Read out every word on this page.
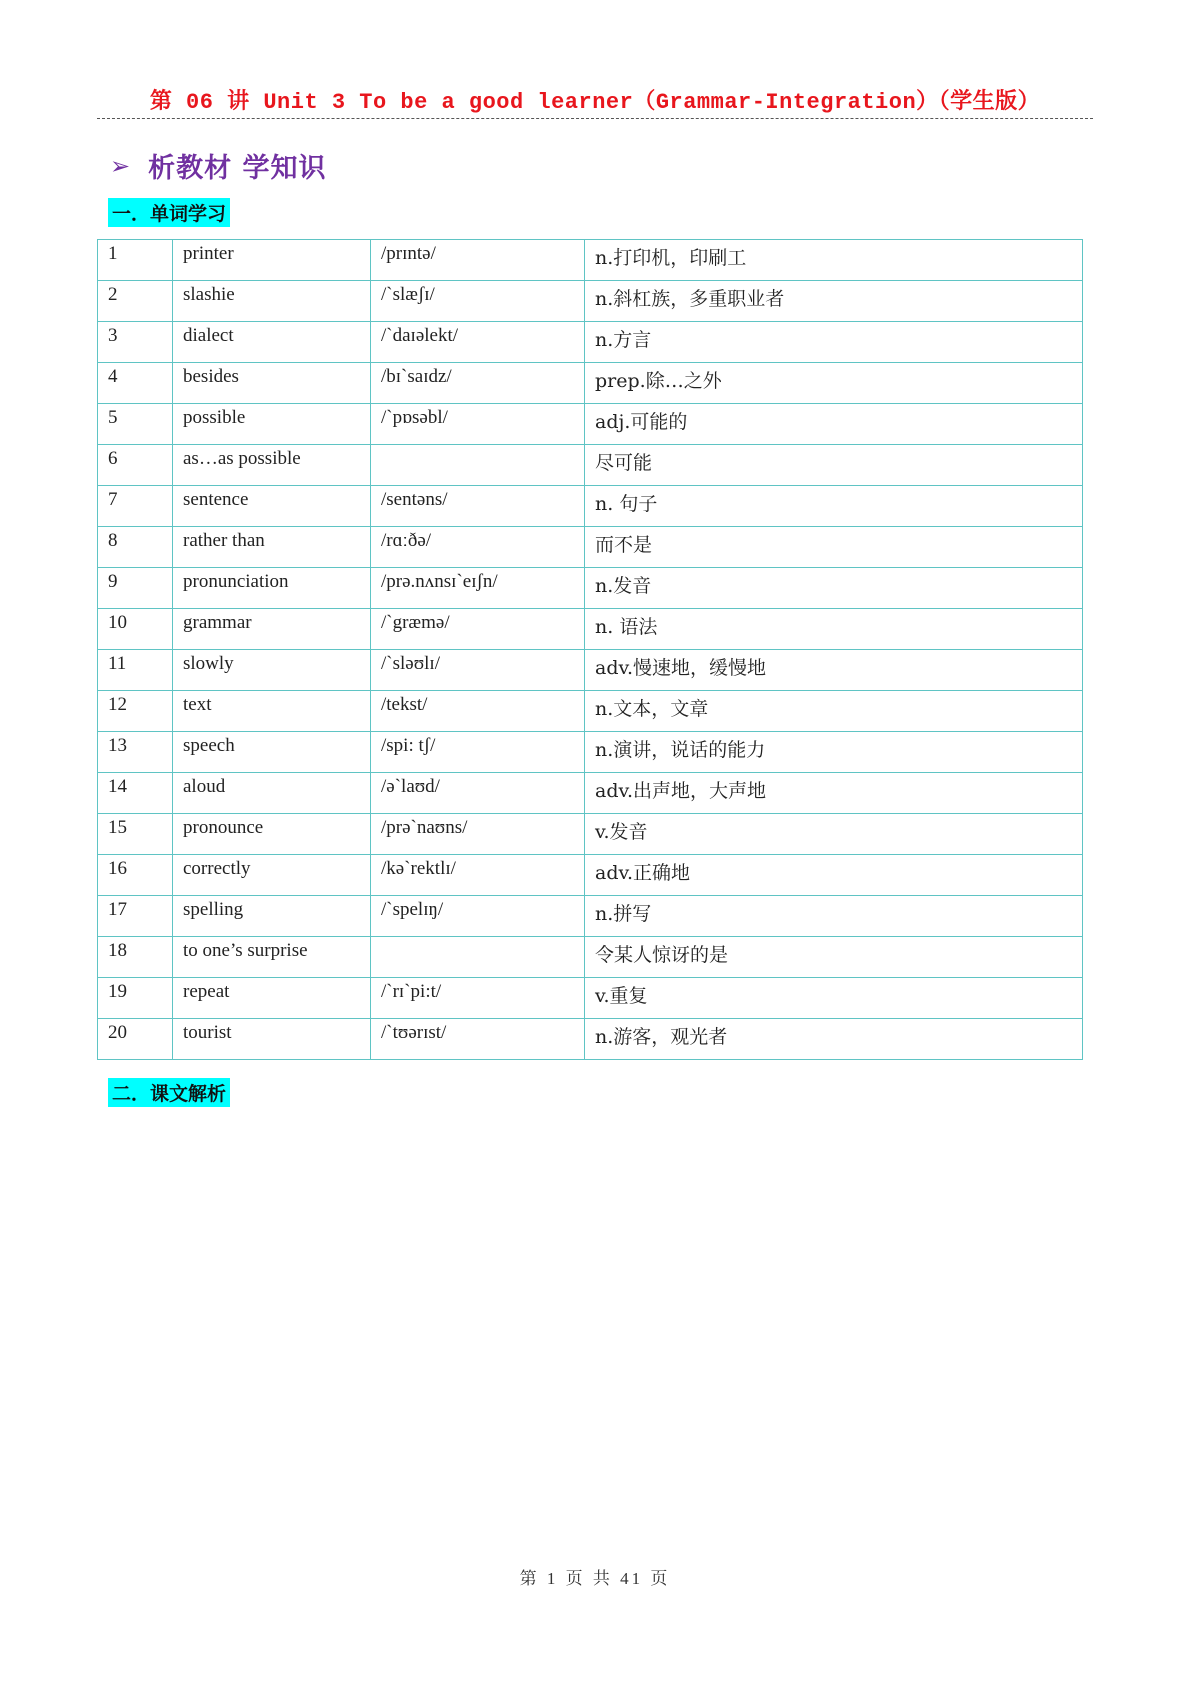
第 06 讲 Unit 3 To be a good learner（Grammar-Integration）（学生版）
➢ 析教材 学知识
一．单词学习
1	printer	/prɪntə/	n.打印机，印刷工
2	slashie	/ˋslæʃɪ/	n.斜杠族，多重职业者
3	dialect	/ˋdaɪəlekt/	n.方言
4	besides	/bɪˋsaɪdz/	prep.除…之外
5	possible	/ˋpɒsəbl/	adj.可能的
6	as…as possible		尽可能
7	sentence	/sentəns/	n. 句子
8	rather than	/rɑːðə/	而不是
9	pronunciation	/prə.nʌnsɪˋeɪʃn/	n.发音
10	grammar	/ˋgræmə/	n. 语法
11	slowly	/ˋsləʊlɪ/	adv.慢速地，缓慢地
12	text	/tekst/	n.文本，文章
13	speech	/spi: tʃ/	n.演讲，说话的能力
14	aloud	/əˋlaʊd/	adv.出声地，大声地
15	pronounce	/prəˋnaʊns/	v.发音
16	correctly	/kəˋrektlɪ/	adv.正确地
17	spelling	/ˋspelɪŋ/	n.拼写
18	to one’s surprise		令某人惊讶的是
19	repeat	/ˋrɪˋpi:t/	v.重复
20	tourist	/ˋtʊərɪst/	n.游客，观光者
二．课文解析
第 1 页 共 41 页
